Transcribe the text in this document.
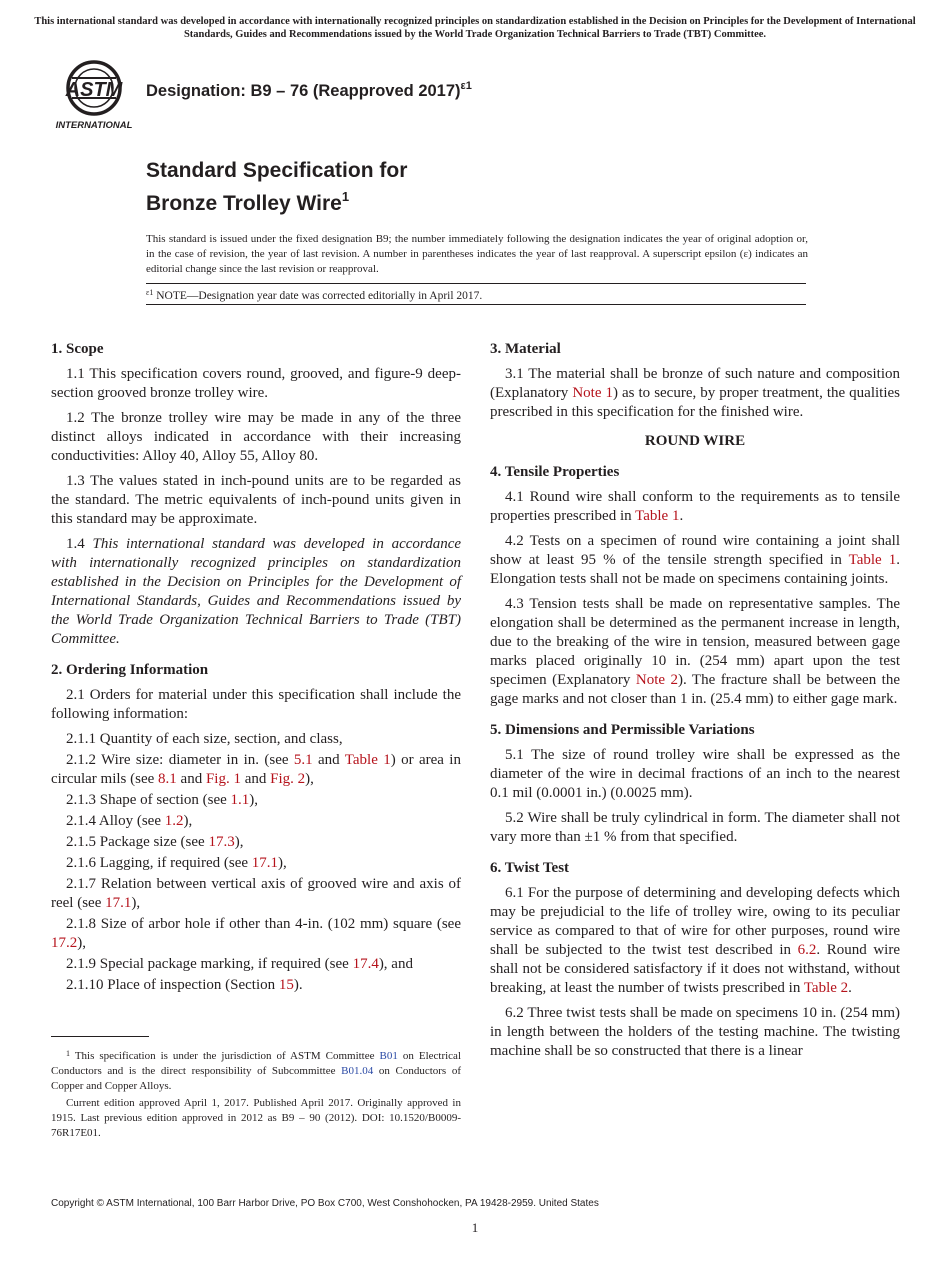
This international standard was developed in accordance with internationally recognized principles on standardization established in the Decision on Principles for the Development of International Standards, Guides and Recommendations issued by the World Trade Organization Technical Barriers to Trade (TBT) Committee.
ASTM
INTERNATIONAL
Designation: B9 – 76 (Reapproved 2017)$^{\varepsilon 1}$
Standard Specification for
Bronze Trolley Wire$^1$
This standard is issued under the fixed designation B9; the number immediately following the designation indicates the year of original adoption or, in the case of revision, the year of last revision. A number in parentheses indicates the year of last reapproval. A superscript epsilon (ε) indicates an editorial change since the last revision or reapproval.
$^{\varepsilon 1}$ NOTE—Designation year date was corrected editorially in April 2017.
1. Scope

1.1 This specification covers round, grooved, and figure-9 deep-section grooved bronze trolley wire.

1.2 The bronze trolley wire may be made in any of the three distinct alloys indicated in accordance with their increasing conductivities: Alloy 40, Alloy 55, Alloy 80.

1.3 The values stated in inch-pound units are to be regarded as the standard. The metric equivalents of inch-pound units given in this standard may be approximate.

1.4 This international standard was developed in accordance with internationally recognized principles on standardization established in the Decision on Principles for the Development of International Standards, Guides and Recommendations issued by the World Trade Organization Technical Barriers to Trade (TBT) Committee.

2. Ordering Information

2.1 Orders for material under this specification shall include the following information:

2.1.1 Quantity of each size, section, and class,

2.1.2 Wire size: diameter in in. (see 5.1 and Table 1) or area in circular mils (see 8.1 and Fig. 1 and Fig. 2),

2.1.3 Shape of section (see 1.1),

2.1.4 Alloy (see 1.2),

2.1.5 Package size (see 17.3),

2.1.6 Lagging, if required (see 17.1),

2.1.7 Relation between vertical axis of grooved wire and axis of reel (see 17.1),

2.1.8 Size of arbor hole if other than 4-in. (102 mm) square (see 17.2),

2.1.9 Special package marking, if required (see 17.4), and

2.1.10 Place of inspection (Section 15).

$^1$ This specification is under the jurisdiction of ASTM Committee B01 on Electrical Conductors and is the direct responsibility of Subcommittee B01.04 on Conductors of Copper and Copper Alloys.

Current edition approved April 1, 2017. Published April 2017. Originally approved in 1915. Last previous edition approved in 2012 as B9 – 90 (2012). DOI: 10.1520/B0009-76R17E01.

3. Material

3.1 The material shall be bronze of such nature and composition (Explanatory Note 1) as to secure, by proper treatment, the qualities prescribed in this specification for the finished wire.

ROUND WIRE
4. Tensile Properties

4.1 Round wire shall conform to the requirements as to tensile properties prescribed in Table 1.

4.2 Tests on a specimen of round wire containing a joint shall show at least 95 % of the tensile strength specified in Table 1. Elongation tests shall not be made on specimens containing joints.

4.3 Tension tests shall be made on representative samples. The elongation shall be determined as the permanent increase in length, due to the breaking of the wire in tension, measured between gage marks placed originally 10 in. (254 mm) apart upon the test specimen (Explanatory Note 2). The fracture shall be between the gage marks and not closer than 1 in. (25.4 mm) to either gage mark.

5. Dimensions and Permissible Variations

5.1 The size of round trolley wire shall be expressed as the diameter of the wire in decimal fractions of an inch to the nearest 0.1 mil (0.0001 in.) (0.0025 mm).

5.2 Wire shall be truly cylindrical in form. The diameter shall not vary more than ±1 % from that specified.

6. Twist Test

6.1 For the purpose of determining and developing defects which may be prejudicial to the life of trolley wire, owing to its peculiar service as compared to that of wire for other purposes, round wire shall be subjected to the twist test described in 6.2. Round wire shall not be considered satisfactory if it does not withstand, without breaking, at least the number of twists prescribed in Table 2.

6.2 Three twist tests shall be made on specimens 10 in. (254 mm) in length between the holders of the testing machine. The twisting machine shall be so constructed that there is a linear

Copyright © ASTM International, 100 Barr Harbor Drive, PO Box C700, West Conshohocken, PA 19428-2959. United States
1
